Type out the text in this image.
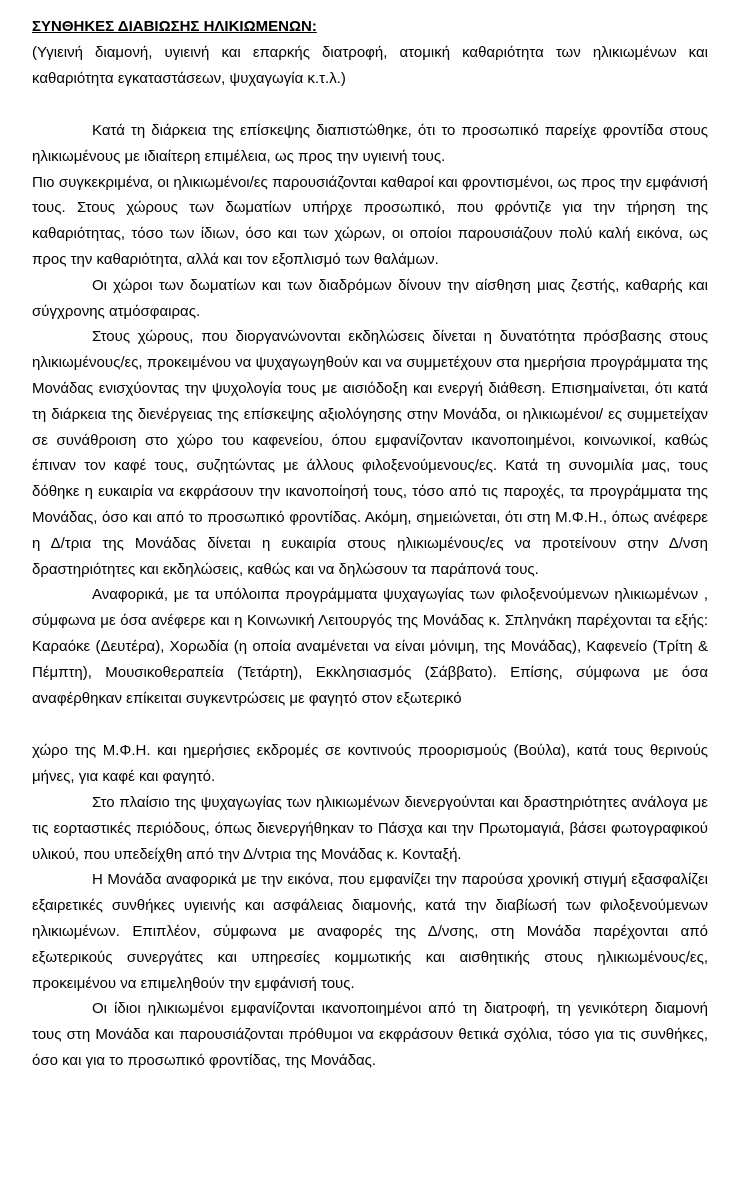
ΣΥΝΘΗΚΕΣ ΔΙΑΒΙΩΣΗΣ ΗΛΙΚΙΩΜΕΝΩΝ:

(Υγιεινή διαμονή, υγιεινή και επαρκής διατροφή, ατομική καθαριότητα των ηλικιωμένων και καθαριότητα εγκαταστάσεων, ψυχαγωγία κ.τ.λ.)

Κατά τη διάρκεια της επίσκεψης διαπιστώθηκε, ότι το προσωπικό παρείχε φροντίδα στους ηλικιωμένους με ιδιαίτερη επιμέλεια, ως προς την υγιεινή τους.

Πιο συγκεκριμένα, οι ηλικιωμένοι/ες παρουσιάζονται καθαροί και φροντισμένοι, ως προς την εμφάνισή τους. Στους χώρους των δωματίων υπήρχε προσωπικό, που φρόντιζε για την τήρηση της καθαριότητας, τόσο των ίδιων, όσο και των χώρων, οι οποίοι παρουσιάζουν πολύ καλή εικόνα, ως προς την καθαριότητα, αλλά και τον εξοπλισμό των θαλάμων.

Οι χώροι των δωματίων και των διαδρόμων δίνουν την αίσθηση μιας ζεστής, καθαρής και σύγχρονης ατμόσφαιρας.

Στους χώρους, που διοργανώνονται εκδηλώσεις δίνεται η δυνατότητα πρόσβασης στους ηλικιωμένους/ες, προκειμένου να ψυχαγωγηθούν και να συμμετέχουν στα ημερήσια προγράμματα της Μονάδας ενισχύοντας την ψυχολογία τους με αισιόδοξη και ενεργή διάθεση. Επισημαίνεται, ότι κατά τη διάρκεια της διενέργειας της επίσκεψης αξιολόγησης στην Μονάδα, οι ηλικιωμένοι/ ες συμμετείχαν σε συνάθροιση στο χώρο του καφενείου, όπου εμφανίζονταν ικανοποιημένοι, κοινωνικοί, καθώς έπιναν τον καφέ τους, συζητώντας με άλλους φιλοξενούμενους/ες. Κατά τη συνομιλία μας, τους δόθηκε η ευκαιρία να εκφράσουν την ικανοποίησή τους, τόσο από τις παροχές, τα προγράμματα της Μονάδας, όσο και από το προσωπικό φροντίδας. Ακόμη, σημειώνεται, ότι στη Μ.Φ.Η., όπως ανέφερε η Δ/τρια της Μονάδας δίνεται η ευκαιρία στους ηλικιωμένους/ες να προτείνουν στην Δ/νση δραστηριότητες και εκδηλώσεις, καθώς και να δηλώσουν τα παράπονά τους.

Αναφορικά, με τα υπόλοιπα προγράμματα ψυχαγωγίας των φιλοξενούμενων ηλικιωμένων , σύμφωνα με όσα ανέφερε και η Κοινωνική Λειτουργός της Μονάδας κ. Σπληνάκη παρέχονται τα εξής: Καραόκε (Δευτέρα), Χορωδία (η οποία αναμένεται να είναι μόνιμη, της Μονάδας), Καφενείο (Τρίτη & Πέμπτη), Μουσικοθεραπεία (Τετάρτη), Εκκλησιασμός (Σάββατο). Επίσης, σύμφωνα με όσα αναφέρθηκαν επίκειται συγκεντρώσεις με φαγητό στον εξωτερικό

χώρο της Μ.Φ.Η. και ημερήσιες εκδρομές σε κοντινούς προορισμούς (Βούλα), κατά τους θερινούς μήνες, για καφέ και φαγητό.

Στο πλαίσιο της ψυχαγωγίας των ηλικιωμένων διενεργούνται και δραστηριότητες ανάλογα με τις εορταστικές περιόδους, όπως διενεργήθηκαν το Πάσχα και την Πρωτομαγιά, βάσει φωτογραφικού υλικού, που υπεδείχθη από την Δ/ντρια της Μονάδας κ. Κονταξή.

Η Μονάδα αναφορικά με την εικόνα, που εμφανίζει την παρούσα χρονική στιγμή εξασφαλίζει εξαιρετικές συνθήκες υγιεινής και ασφάλειας διαμονής, κατά την διαβίωσή των φιλοξενούμενων ηλικιωμένων. Επιπλέον, σύμφωνα με αναφορές της Δ/νσης, στη Μονάδα παρέχονται από εξωτερικούς συνεργάτες και υπηρεσίες κομμωτικής και αισθητικής στους ηλικιωμένους/ες, προκειμένου να επιμεληθούν την εμφάνισή τους.

Οι ίδιοι ηλικιωμένοι εμφανίζονται ικανοποιημένοι από τη διατροφή, τη γενικότερη διαμονή τους στη Μονάδα και παρουσιάζονται πρόθυμοι να εκφράσουν θετικά σχόλια, τόσο για τις συνθήκες, όσο και για το προσωπικό φροντίδας, της Μονάδας.
